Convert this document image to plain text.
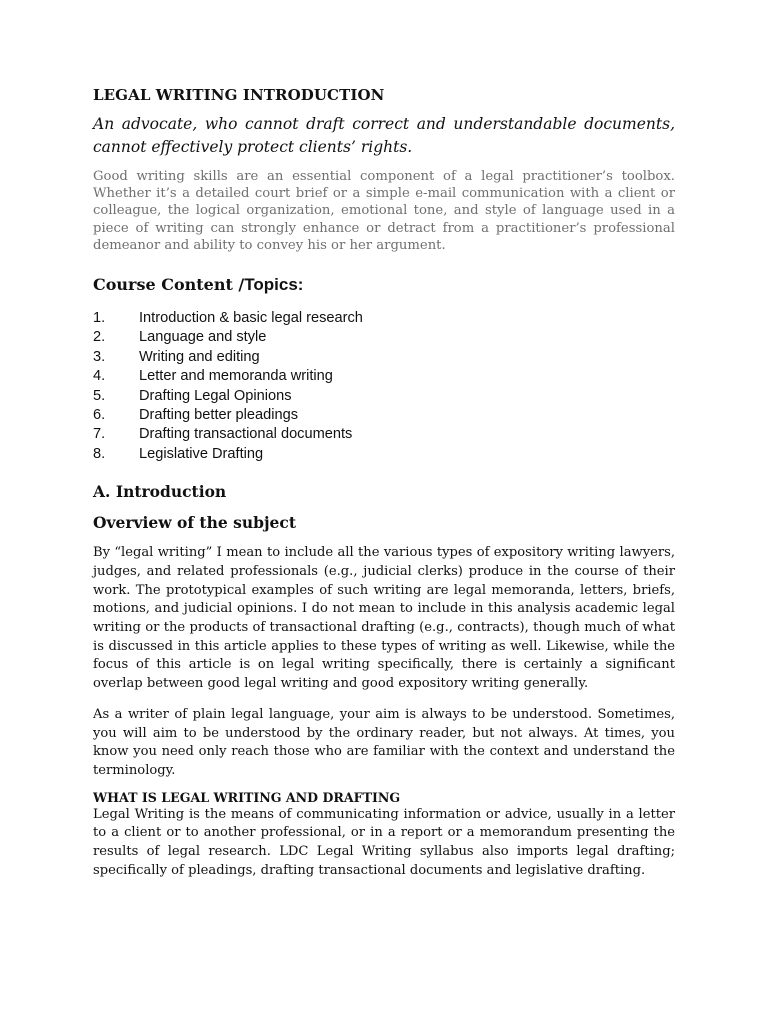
LEGAL WRITING INTRODUCTION

An advocate, who cannot draft correct and understandable documents, cannot effectively protect clients’ rights.

Good writing skills are an essential component of a legal practitioner’s toolbox. Whether it’s a detailed court brief or a simple e-mail communication with a client or colleague, the logical organization, emotional tone, and style of language used in a piece of writing can strongly enhance or detract from a practitioner’s professional demeanor and ability to convey his or her argument.

Course Content /Topics:
1.	Introduction & basic legal research
2.	Language and style
3.	Writing and editing
4.	Letter and memoranda writing
5.	Drafting Legal Opinions
6.	Drafting better pleadings
7.	Drafting transactional documents
8.	Legislative Drafting
A. Introduction
Overview of the subject

By “legal writing” I mean to include all the various types of expository writing lawyers, judges, and related professionals (e.g., judicial clerks) produce in the course of their work. The prototypical examples of such writing are legal memoranda, letters, briefs, motions, and judicial opinions. I do not mean to include in this analysis academic legal writing or the products of transactional drafting (e.g., contracts), though much of what is discussed in this article applies to these types of writing as well. Likewise, while the focus of this article is on legal writing specifically, there is certainly a significant overlap between good legal writing and good expository writing generally.

As a writer of plain legal language, your aim is always to be understood. Sometimes, you will aim to be understood by the ordinary reader, but not always. At times, you know you need only reach those who are familiar with the context and understand the terminology.

WHAT IS LEGAL WRITING AND DRAFTING

Legal Writing is the means of communicating information or advice, usually in a letter to a client or to another professional, or in a report or a memorandum presenting the results of legal research. LDC Legal Writing syllabus also imports legal drafting; specifically of pleadings, drafting transactional documents and legislative drafting.
